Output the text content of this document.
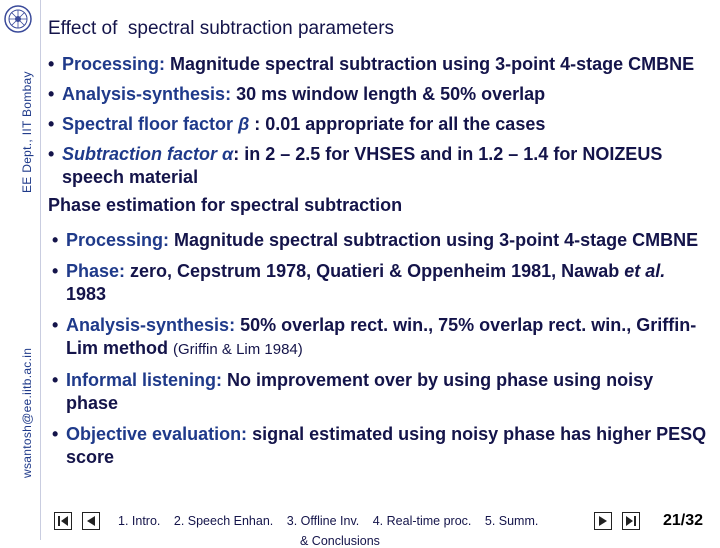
EE Dept., IIT Bombay
wsantosh@ee.iitb.ac.in
Effect of  spectral subtraction parameters
• Processing: Magnitude spectral subtraction using 3-point 4-stage CMBNE
• Analysis-synthesis: 30 ms window length & 50% overlap
• Spectral floor factor β : 0.01 appropriate for all the cases
• Subtraction factor α: in 2 – 2.5 for VHSES and in 1.2 – 1.4 for NOIZEUS speech material
Phase estimation for spectral subtraction
• Processing: Magnitude spectral subtraction using 3-point 4-stage CMBNE
• Phase: zero, Cepstrum 1978, Quatieri & Oppenheim 1981, Nawab et al. 1983
• Analysis-synthesis: 50% overlap rect. win., 75% overlap rect. win., Griffin-Lim method (Griffin & Lim 1984)
• Informal listening: No improvement over by using phase using noisy phase
• Objective evaluation: signal estimated using noisy phase has higher PESQ score
1. Intro. 2. Speech Enhan. 3. Offline Inv. 4. Real-time proc. 5. Summ.
& Conclusions
21/32
